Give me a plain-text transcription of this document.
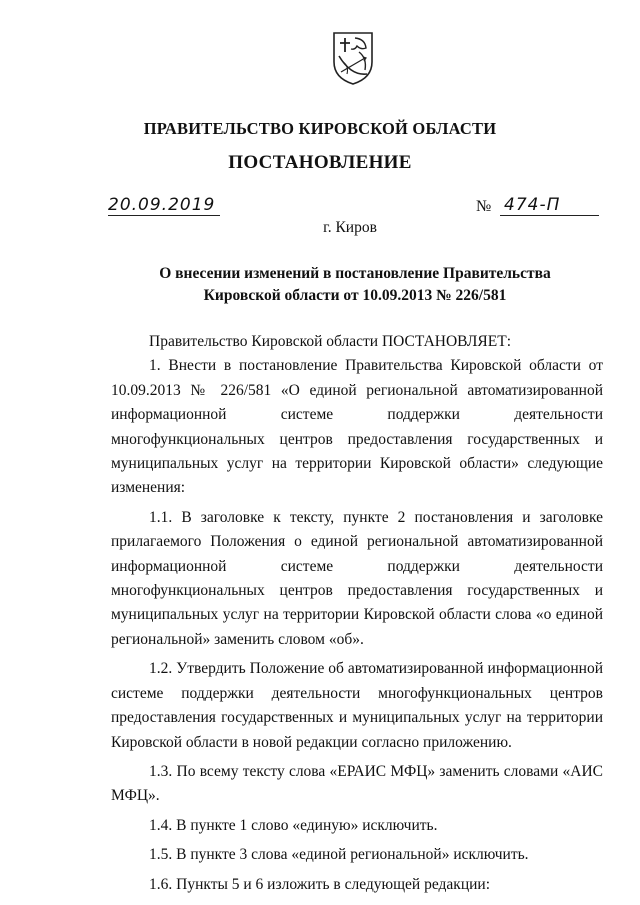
ПРАВИТЕЛЬСТВО КИРОВСКОЙ ОБЛАСТИ
ПОСТАНОВЛЕНИЕ
20.09.2019	№ 474-П
г. Киров
О внесении изменений в постановление Правительства
Кировской области от 10.09.2013 № 226/581

Правительство Кировской области ПОСТАНОВЛЯЕТ:

1. Внести в постановление Правительства Кировской области от 10.09.2013 № 226/581 «О единой региональной автоматизированной информационной системе поддержки деятельности многофункциональных центров предоставления государственных и муниципальных услуг на территории Кировской области» следующие изменения:

1.1. В заголовке к тексту, пункте 2 постановления и заголовке прилагаемого Положения о единой региональной автоматизированной информационной системе поддержки деятельности многофункциональных центров предоставления государственных и муниципальных услуг на территории Кировской области слова «о единой региональной» заменить словом «об».

1.2. Утвердить Положение об автоматизированной информационной системе поддержки деятельности многофункциональных центров предоставления государственных и муниципальных услуг на территории Кировской области в новой редакции согласно приложению.

1.3. По всему тексту слова «ЕРАИС МФЦ» заменить словами «АИС МФЦ».

1.4. В пункте 1 слово «единую» исключить.

1.5. В пункте 3 слова «единой региональной» исключить.

1.6. Пункты 5 и 6 изложить в следующей редакции:
